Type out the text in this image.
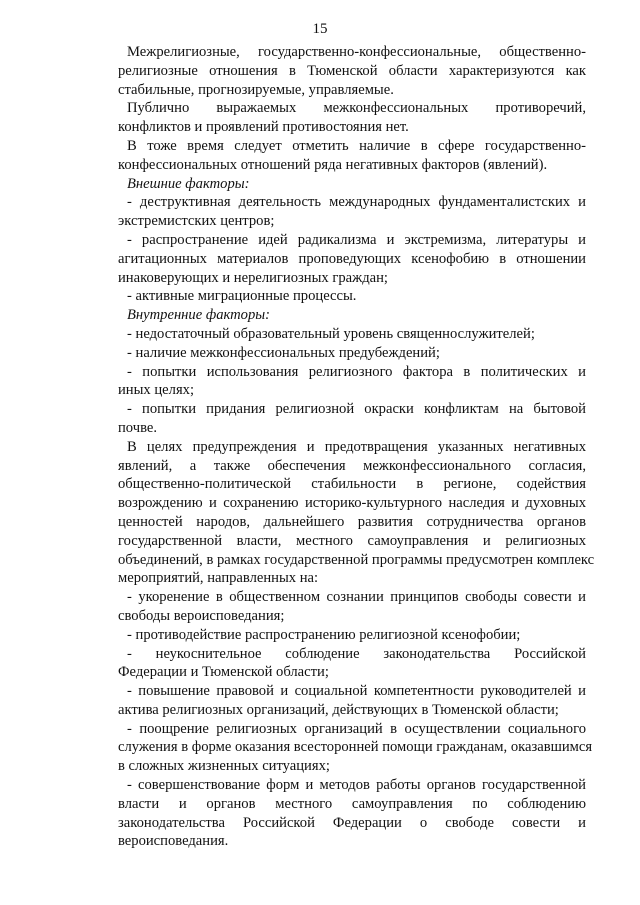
15
Межрелигиозные, государственно-конфессиональные, общественно-
религиозные отношения в Тюменской области характеризуются как
стабильные, прогнозируемые, управляемые.
Публично выражаемых межконфессиональных противоречий,
конфликтов и проявлений противостояния нет.
В тоже время следует отметить наличие в сфере государственно-
конфессиональных отношений ряда негативных факторов (явлений).
Внешние факторы:
- деструктивная деятельность международных фундаменталистских и
экстремистских центров;
- распространение идей радикализма и экстремизма, литературы и
агитационных материалов проповедующих ксенофобию в отношении
инаковерующих и нерелигиозных граждан;
- активные миграционные процессы.
Внутренние факторы:
- недостаточный образовательный уровень священнослужителей;
- наличие межконфессиональных предубеждений;
- попытки использования религиозного фактора в политических и
иных целях;
- попытки придания религиозной окраски конфликтам на бытовой
почве.
В целях предупреждения и предотвращения указанных негативных
явлений, а также обеспечения межконфессионального согласия,
общественно-политической стабильности в регионе, содействия
возрождению и сохранению историко-культурного наследия и духовных
ценностей народов, дальнейшего развития сотрудничества органов
государственной власти, местного самоуправления и религиозных
объединений, в рамках государственной программы предусмотрен комплекс
мероприятий, направленных на:
- укоренение в общественном сознании принципов свободы совести и
свободы вероисповедания;
- противодействие распространению религиозной ксенофобии;
- неукоснительное соблюдение законодательства Российской
Федерации и Тюменской области;
- повышение правовой и социальной компетентности руководителей и
актива религиозных организаций, действующих в Тюменской области;
- поощрение религиозных организаций в осуществлении социального
служения в форме оказания всесторонней помощи гражданам, оказавшимся
в сложных жизненных ситуациях;
- совершенствование форм и методов работы органов государственной
власти и органов местного самоуправления по соблюдению
законодательства Российской Федерации о свободе совести и
вероисповедания.
